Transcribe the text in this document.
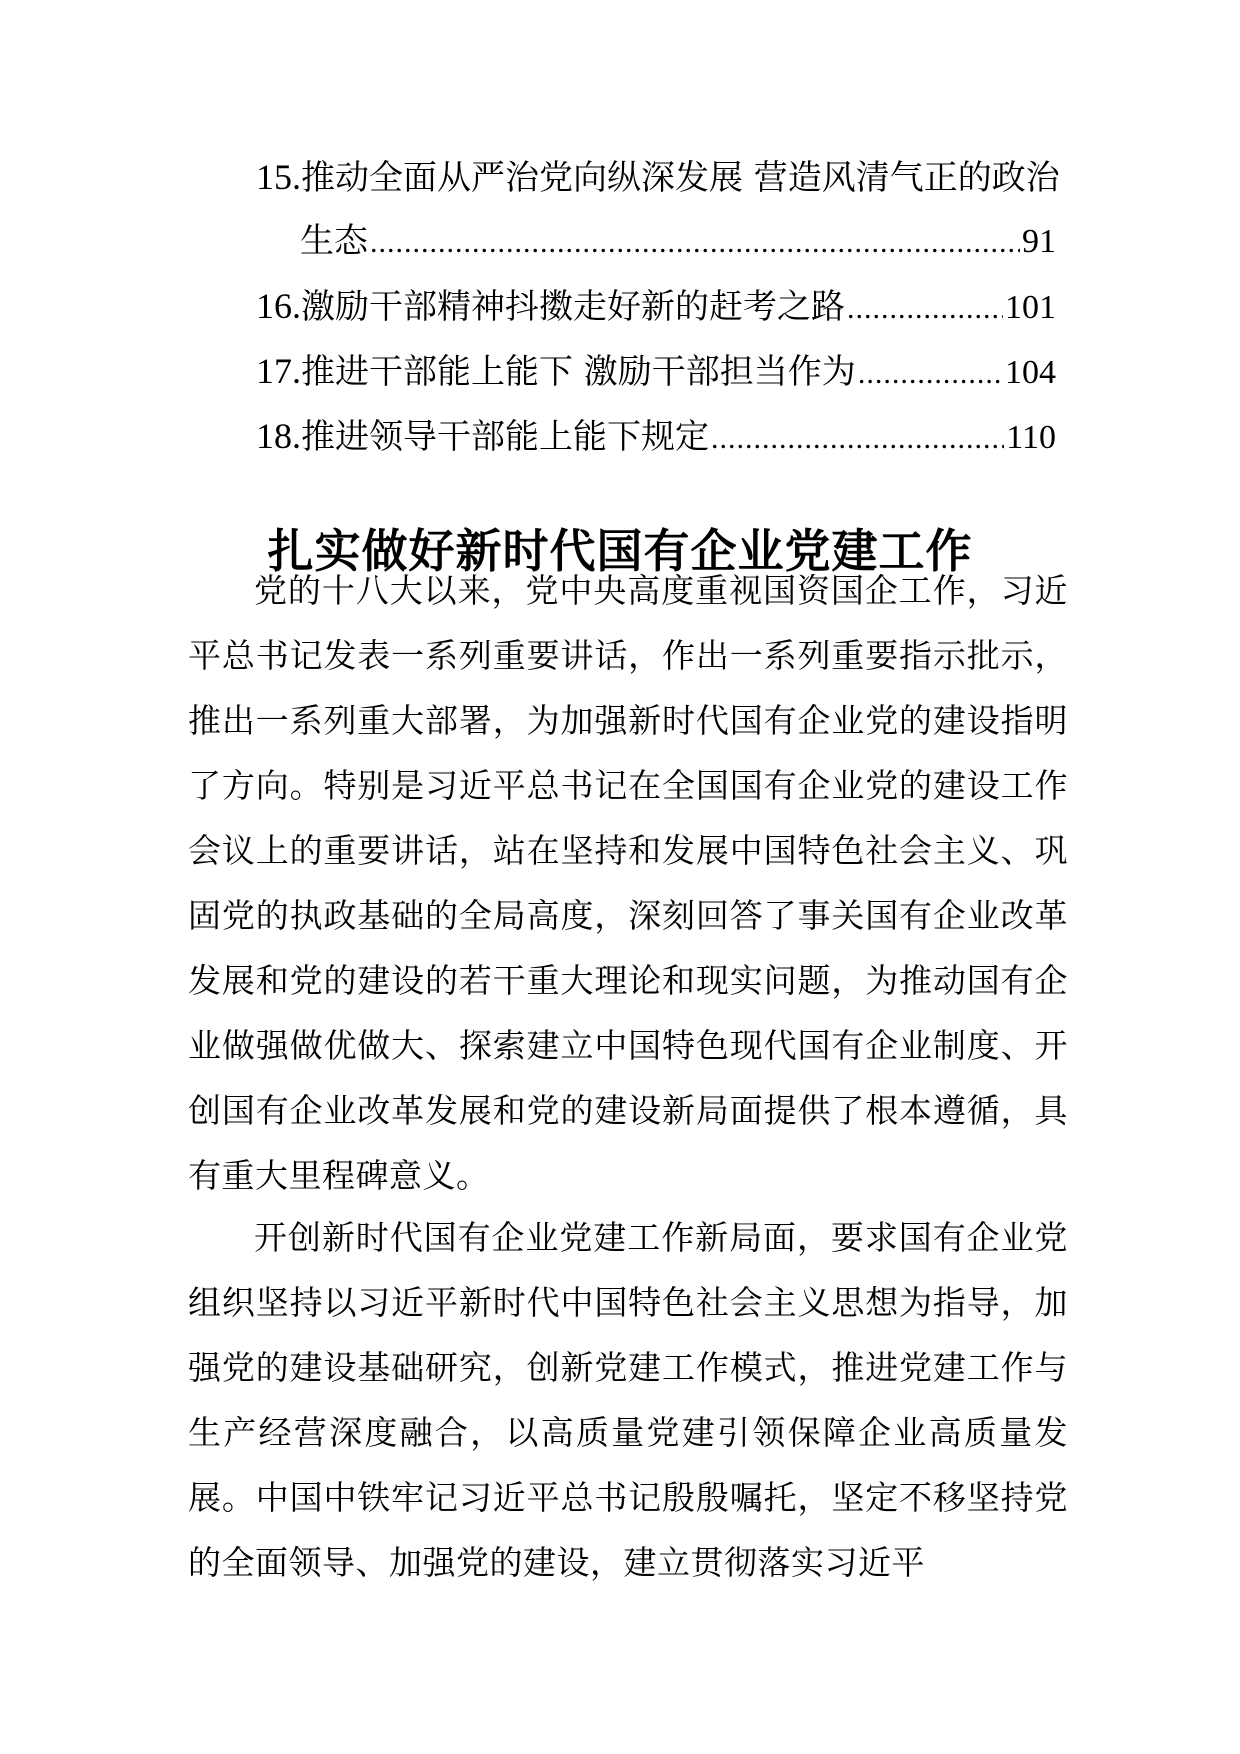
15. 推动全面从严治党向纵深发展 营造风清气正的政治
生态 .....	91
16. 激励干部精神抖擞走好新的赶考之路 .....	101
17. 推进干部能上能下 激励干部担当作为 .....	104
18. 推进领导干部能上能下规定 .....	110
扎实做好新时代国有企业党建工作

党的十八大以来，党中央高度重视国资国企工作，习近平总书记发表一系列重要讲话，作出一系列重要指示批示，推出一系列重大部署，为加强新时代国有企业党的建设指明了方向。特别是习近平总书记在全国国有企业党的建设工作会议上的重要讲话，站在坚持和发展中国特色社会主义、巩固党的执政基础的全局高度，深刻回答了事关国有企业改革发展和党的建设的若干重大理论和现实问题，为推动国有企业做强做优做大、探索建立中国特色现代国有企业制度、开创国有企业改革发展和党的建设新局面提供了根本遵循，具有重大里程碑意义。

开创新时代国有企业党建工作新局面，要求国有企业党组织坚持以习近平新时代中国特色社会主义思想为指导，加强党的建设基础研究，创新党建工作模式，推进党建工作与生产经营深度融合，以高质量党建引领保障企业高质量发展。中国中铁牢记习近平总书记殷殷嘱托，坚定不移坚持党的全面领导、加强党的建设，建立贯彻落实习近平
